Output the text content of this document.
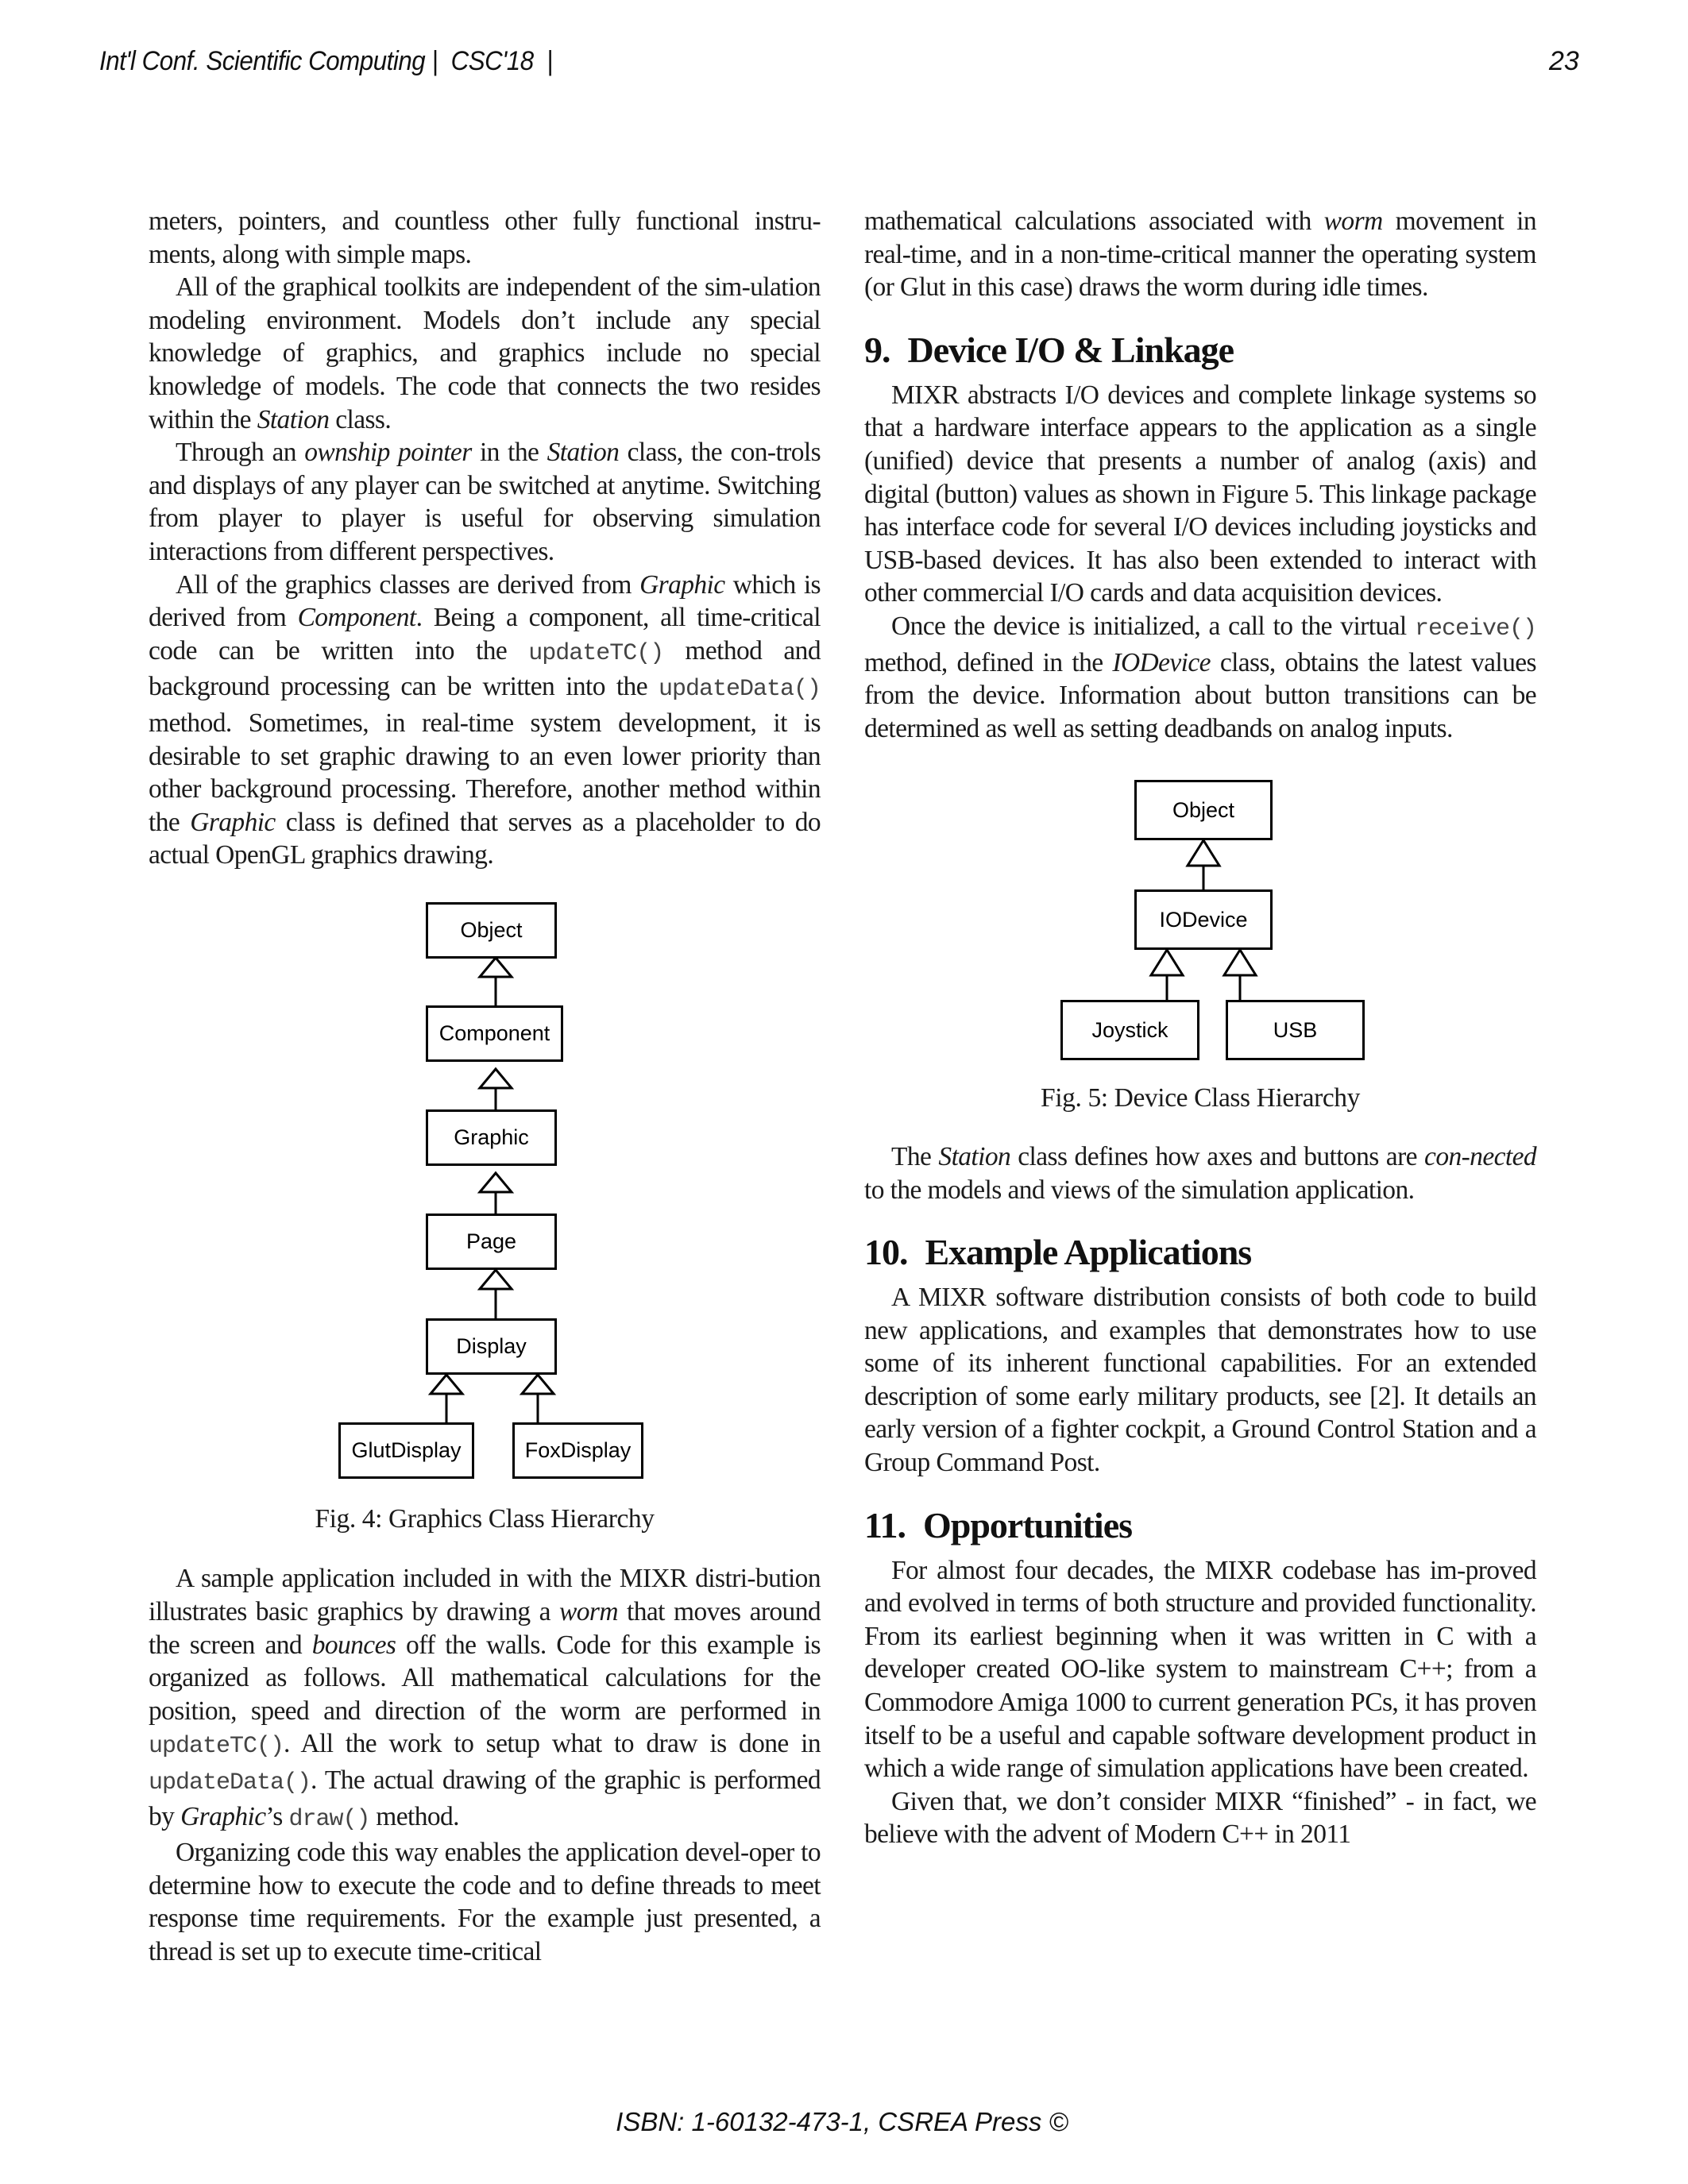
Int'l Conf. Scientific Computing |  CSC'18  |	23

meters, pointers, and countless other fully functional instru-ments, along with simple maps.

All of the graphical toolkits are independent of the sim-ulation modeling environment. Models don’t include any special knowledge of graphics, and graphics include no special knowledge of models. The code that connects the two resides within the Station class.

Through an ownship pointer in the Station class, the con-trols and displays of any player can be switched at anytime. Switching from player to player is useful for observing simulation interactions from different perspectives.

All of the graphics classes are derived from Graphic which is derived from Component. Being a component, all time-critical code can be written into the updateTC() method and background processing can be written into the updateData() method. Sometimes, in real-time system development, it is desirable to set graphic drawing to an even lower priority than other background processing. Therefore, another method within the Graphic class is defined that serves as a placeholder to do actual OpenGL graphics drawing.

Object
Component
Graphic
Page
Display
GlutDisplay	FoxDisplay
Fig. 4: Graphics Class Hierarchy

A sample application included in with the MIXR distri-bution illustrates basic graphics by drawing a worm that moves around the screen and bounces off the walls. Code for this example is organized as follows. All mathematical calculations for the position, speed and direction of the worm are performed in updateTC(). All the work to setup what to draw is done in updateData(). The actual drawing of the graphic is performed by Graphic’s draw() method.

Organizing code this way enables the application devel-oper to determine how to execute the code and to define threads to meet response time requirements. For the example just presented, a thread is set up to execute time-critical

mathematical calculations associated with worm movement in real-time, and in a non-time-critical manner the operating system (or Glut in this case) draws the worm during idle times.

9. Device I/O & Linkage

MIXR abstracts I/O devices and complete linkage systems so that a hardware interface appears to the application as a single (unified) device that presents a number of analog (axis) and digital (button) values as shown in Figure 5. This linkage package has interface code for several I/O devices including joysticks and USB-based devices. It has also been extended to interact with other commercial I/O cards and data acquisition devices.

Once the device is initialized, a call to the virtual receive() method, defined in the IODevice class, obtains the latest values from the device. Information about button transitions can be determined as well as setting deadbands on analog inputs.

Object
IODevice
Joystick	USB
Fig. 5: Device Class Hierarchy

The Station class defines how axes and buttons are con-nected to the models and views of the simulation application.

10. Example Applications

A MIXR software distribution consists of both code to build new applications, and examples that demonstrates how to use some of its inherent functional capabilities. For an extended description of some early military products, see [2]. It details an early version of a fighter cockpit, a Ground Control Station and a Group Command Post.

11. Opportunities

For almost four decades, the MIXR codebase has im-proved and evolved in terms of both structure and provided functionality. From its earliest beginning when it was written in C with a developer created OO-like system to mainstream C++; from a Commodore Amiga 1000 to current generation PCs, it has proven itself to be a useful and capable software development product in which a wide range of simulation applications have been created.

Given that, we don’t consider MIXR “finished” - in fact, we believe with the advent of Modern C++ in 2011

ISBN: 1-60132-473-1, CSREA Press ©
